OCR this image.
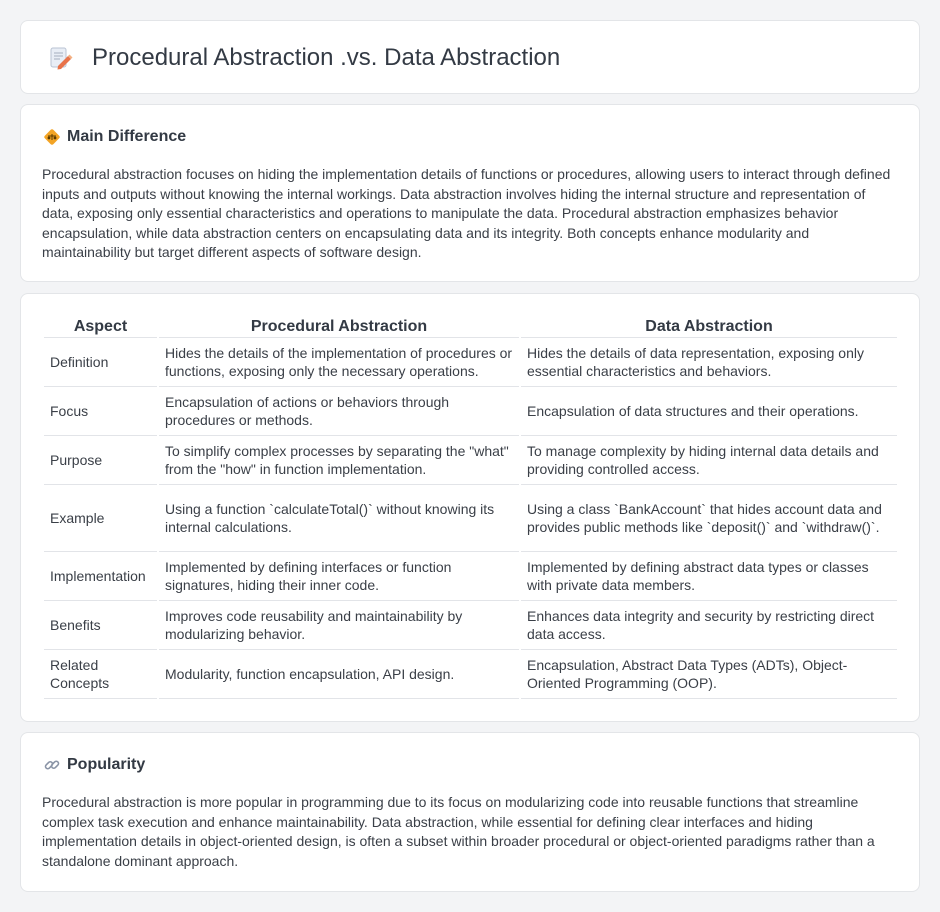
Procedural Abstraction .vs. Data Abstraction
Main Difference

Procedural abstraction focuses on hiding the implementation details of functions or procedures, allowing users to interact through defined inputs and outputs without knowing the internal workings. Data abstraction involves hiding the internal structure and representation of data, exposing only essential characteristics and operations to manipulate the data. Procedural abstraction emphasizes behavior encapsulation, while data abstraction centers on encapsulating data and its integrity. Both concepts enhance modularity and maintainability but target different aspects of software design.

Aspect	Procedural Abstraction	Data Abstraction
Definition	Hides the details of the implementation of procedures or functions, exposing only the necessary operations.	Hides the details of data representation, exposing only essential characteristics and behaviors.
Focus	Encapsulation of actions or behaviors through procedures or methods.	Encapsulation of data structures and their operations.
Purpose	To simplify complex processes by separating the "what" from the "how" in function implementation.	To manage complexity by hiding internal data details and providing controlled access.
Example	Using a function `calculateTotal()` without knowing its internal calculations.	Using a class `BankAccount` that hides account data and provides public methods like `deposit()` and `withdraw()`.
Implementation	Implemented by defining interfaces or function signatures, hiding their inner code.	Implemented by defining abstract data types or classes with private data members.
Benefits	Improves code reusability and maintainability by modularizing behavior.	Enhances data integrity and security by restricting direct data access.
Related Concepts	Modularity, function encapsulation, API design.	Encapsulation, Abstract Data Types (ADTs), Object-Oriented Programming (OOP).
Popularity

Procedural abstraction is more popular in programming due to its focus on modularizing code into reusable functions that streamline complex task execution and enhance maintainability. Data abstraction, while essential for defining clear interfaces and hiding implementation details in object-oriented design, is often a subset within broader procedural or object-oriented paradigms rather than a standalone dominant approach.
